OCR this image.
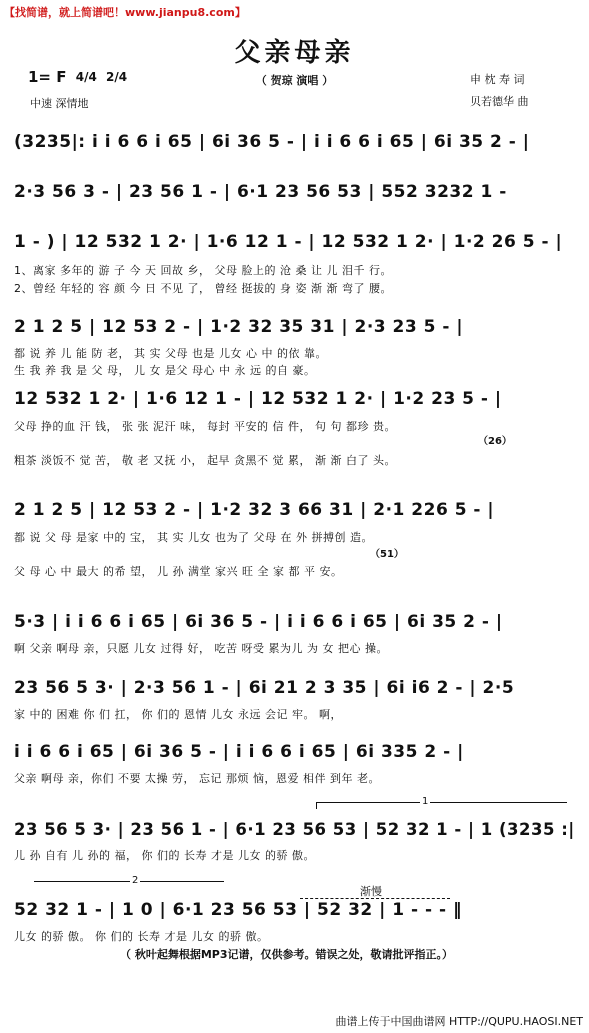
【找简谱，就上简谱吧！www.jianpu8.com】
父亲母亲
（ 贺琼 演唱 ）	申 枕 寿 词
贝若德华 曲
1= F 4/4 2/4
中速 深情地
(3235|: i i 6 6 i 65 | 6i 36 5 - | i i 6 6 i 65 | 6i 35 2 - |
2·3 56 3 - | 23 56 1 - | 6·1 23 56 53 | 552 3232 1 -
1 - ) | 12 532 1 2· | 1·6 12 1 - | 12 532 1 2· | 1·2 26 5 - |
1、离家 多年的 游 子 今 天 回故 乡， 父母 脸上的 沧 桑 让 儿 泪千 行。
2、曾经 年轻的 容 颜 今 日 不见 了， 曾经 挺拔的 身 姿 渐 渐 弯了 腰。
2 1 2 5 | 12 53 2 - | 1·2 32 35 31 | 2·3 23 5 - |
都 说 养 儿 能 防 老， 其 实 父母 也是 儿女 心 中 的依 靠。
生 我 养 我 是 父 母， 儿 女 是父 母心 中 永 远 的自 豪。
12 532 1 2· | 1·6 12 1 - | 12 532 1 2· | 1·2 23 5 - |
父母 挣的血 汗 钱， 张 张 泥汗 味， 每封 平安的 信 件， 句 句 都珍 贵。
（26）
粗茶 淡饭不 觉 苦， 敬 老 又抚 小， 起早 贪黑不 觉 累， 渐 渐 白了 头。
2 1 2 5 | 12 53 2 - | 1·2 32 3 66 31 | 2·1 226 5 - |
都 说 父 母 是家 中的 宝， 其 实 儿女 也为了 父母 在 外 拼搏创 造。
（51）
父 母 心 中 最大 的希 望， 儿 孙 满堂 家兴 旺 全 家 都 平 安。
5·3 | i i 6 6 i 65 | 6i 36 5 - | i i 6 6 i 65 | 6i 35 2 - |
啊 父亲 啊母 亲，只愿 儿女 过得 好， 吃苦 呀受 累为儿 为 女 把心 操。
23 56 5 3· | 2·3 56 1 - | 6i 21 2 3 35 | 6i i6 2 - | 2·5
家 中的 困难 你 们 扛， 你 们的 恩情 儿女 永远 会记 牢。 啊，
i i 6 6 i 65 | 6i 36 5 - | i i 6 6 i 65 | 6i 335 2 - |
父亲 啊母 亲，你们 不要 太操 劳， 忘记 那烦 恼，恩爱 相伴 到年 老。
1
23 56 5 3· | 23 56 1 - | 6·1 23 56 53 | 52 32 1 - | 1 (3235 :|
儿 孙 自有 儿 孙的 福， 你 们的 长寿 才是 儿女 的骄 傲。
2
渐慢
52 32 1 - | 1 0 | 6·1 23 56 53 | 52 32 | 1 - - - ‖
儿女 的骄 傲。 你 们的 长寿 才是 儿女 的骄 傲。
（ 秋叶起舞根据MP3记谱，仅供参考。错误之处，敬请批评指正。）
曲谱上传于中国曲谱网 HTTP://QUPU.HAOSI.NET
